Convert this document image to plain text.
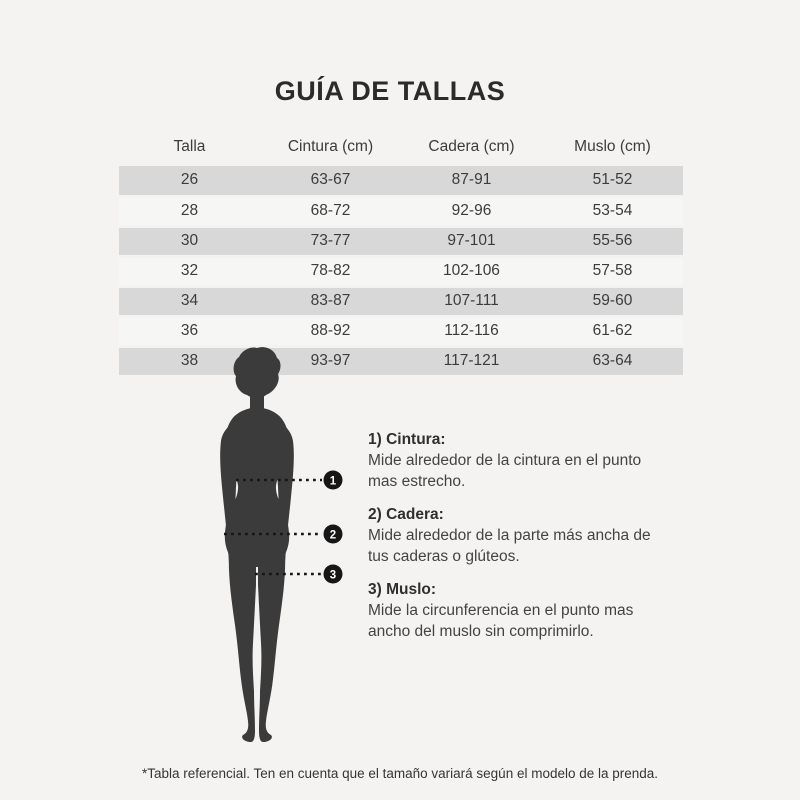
GUÍA DE TALLAS
Talla	Cintura (cm)	Cadera (cm)	Muslo (cm)
26	63-67	87-91	51-52
28	68-72	92-96	53-54
30	73-77	97-101	55-56
32	78-82	102-106	57-58
34	83-87	107-111	59-60
36	88-92	112-116	61-62
38	93-97	117-121	63-64
1
2
3
1) Cintura:
Mide alrededor de la cintura en el punto
mas estrecho.
2) Cadera:
Mide alrededor de la parte más ancha de
tus caderas o glúteos.
3) Muslo:
Mide la circunferencia en el punto mas
ancho del muslo sin comprimirlo.
*Tabla referencial. Ten en cuenta que el tamaño variará según el modelo de la prenda.
